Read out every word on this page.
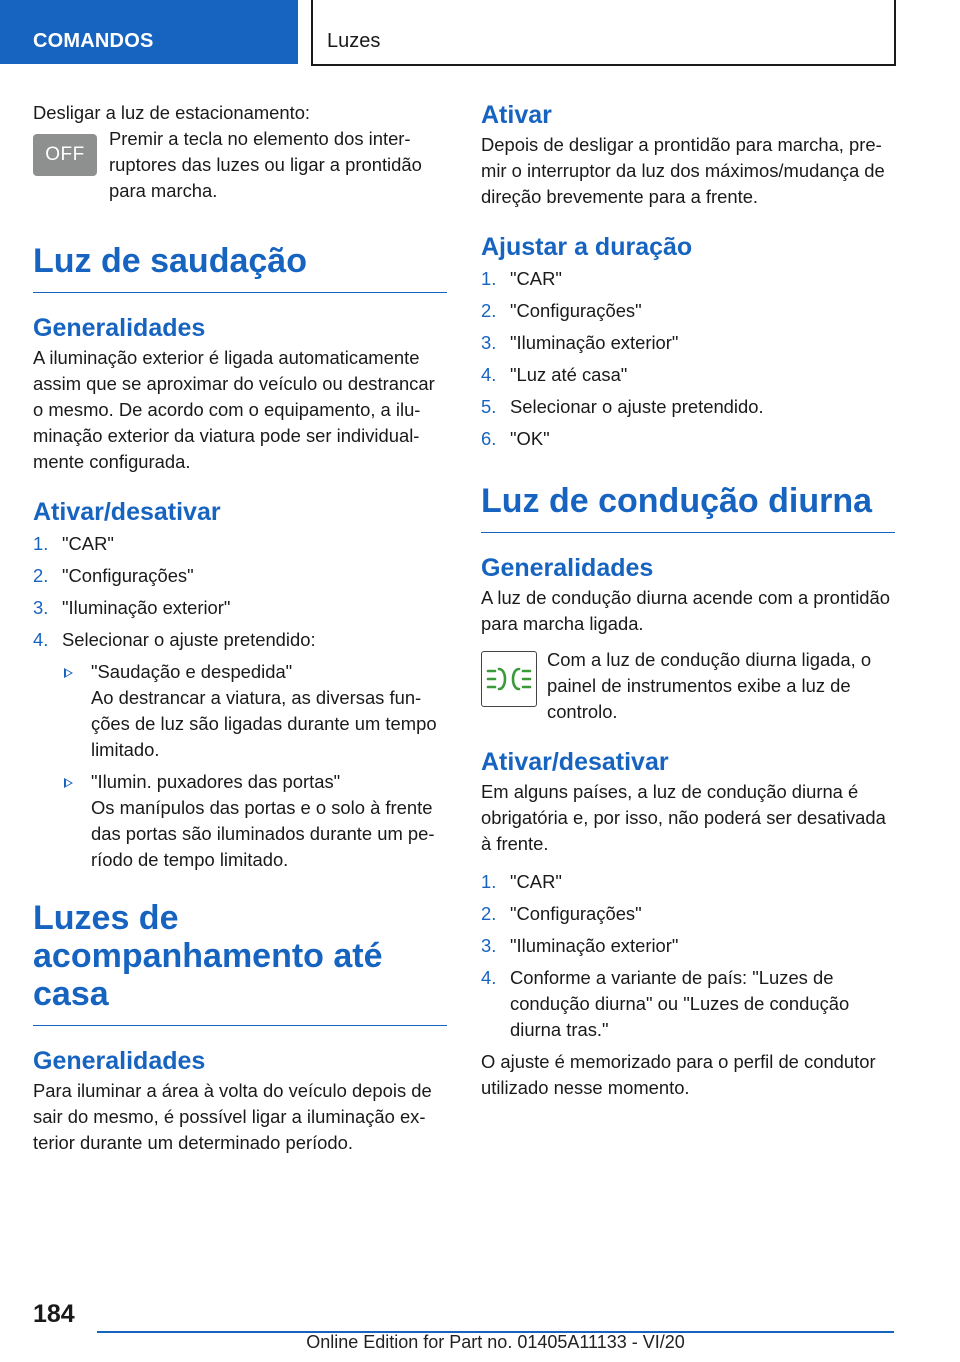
COMANDOS	Luzes

Desligar a luz de estacionamento:

OFF
Premir a tecla no elemento dos interruptores das luzes ou ligar a prontidão para marcha.
Luz de saudação
Generalidades

A iluminação exterior é ligada automaticamente assim que se aproximar do veículo ou destrancar o mesmo. De acordo com o equipamento, a iluminação exterior da viatura pode ser individualmente configurada.

Ativar/desativar
1. "CAR"
2. "Configurações"
3. "Iluminação exterior"
4. Selecionar o ajuste pretendido:

"Saudação e despedida"

Ao destrancar a viatura, as diversas funções de luz são ligadas durante um tempo limitado.

"Ilumin. puxadores das portas"

Os manípulos das portas e o solo à frente das portas são iluminados durante um período de tempo limitado.

Luzes de acompanhamento até casa
Generalidades

Para iluminar a área à volta do veículo depois de sair do mesmo, é possível ligar a iluminação exterior durante um determinado período.

Ativar

Depois de desligar a prontidão para marcha, premir o interruptor da luz dos máximos/mudança de direção brevemente para a frente.

Ajustar a duração
1. "CAR"
2. "Configurações"
3. "Iluminação exterior"
4. "Luz até casa"
5. Selecionar o ajuste pretendido.
6. "OK"
Luz de condução diurna
Generalidades

A luz de condução diurna acende com a prontidão para marcha ligada.

Com a luz de condução diurna ligada, o painel de instrumentos exibe a luz de controlo.
Ativar/desativar

Em alguns países, a luz de condução diurna é obrigatória e, por isso, não poderá ser desativada à frente.

1. "CAR"
2. "Configurações"
3. "Iluminação exterior"
4. Conforme a variante de país: "Luzes de condução diurna" ou "Luzes de condução diurna tras."

O ajuste é memorizado para o perfil de condutor utilizado nesse momento.

184
Online Edition for Part no. 01405A11133 - VI/20
